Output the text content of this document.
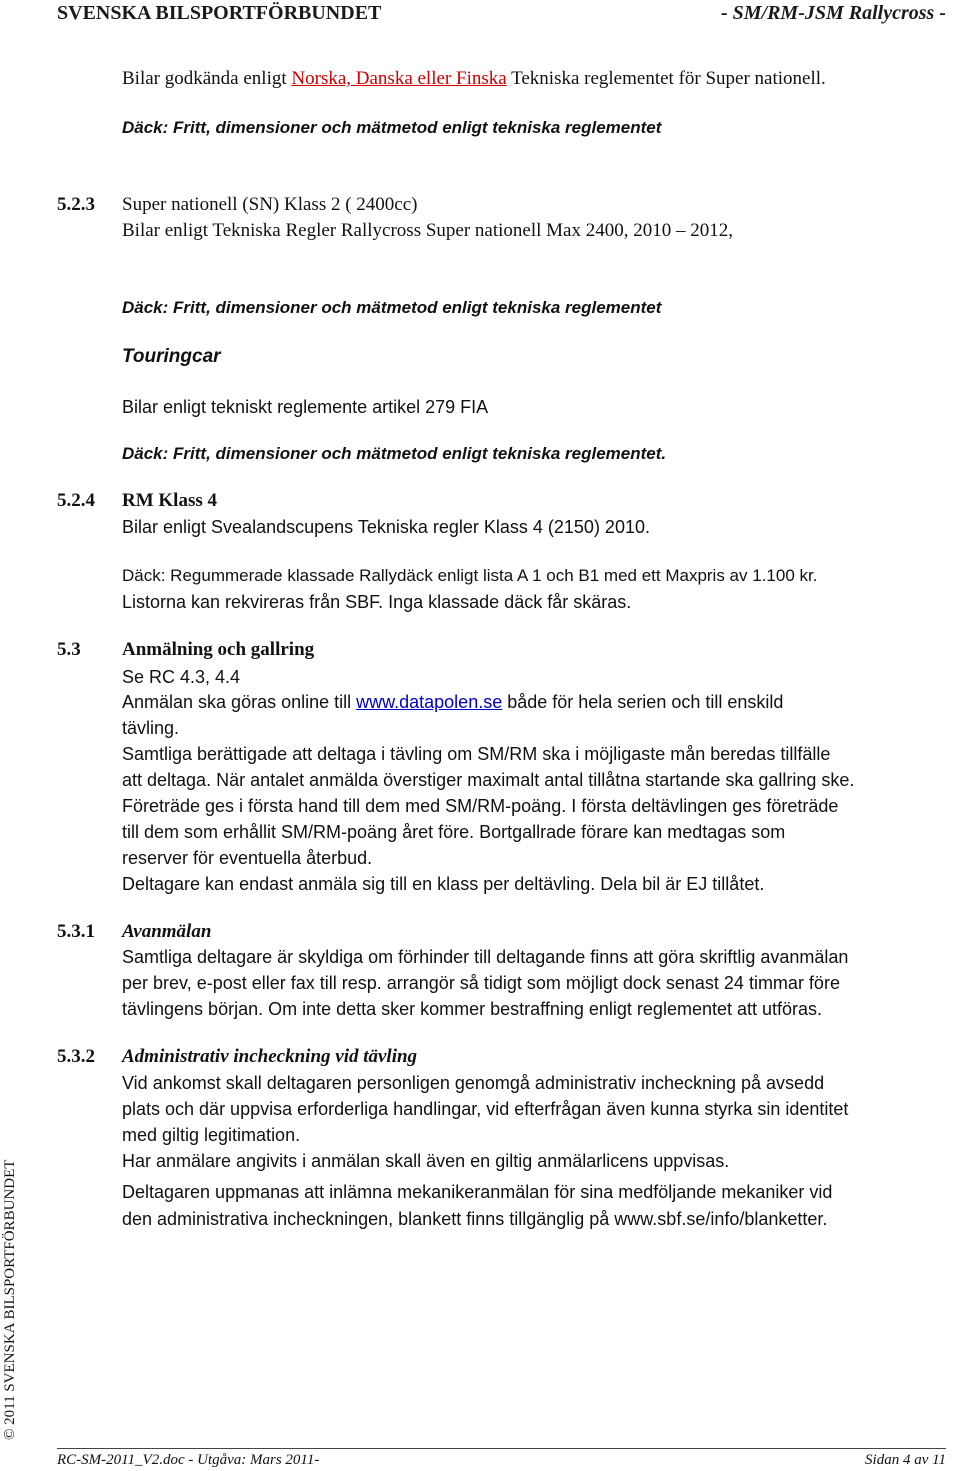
SVENSKA BILSPORTFÖRBUNDET	- SM/RM-JSM Rallycross -
Bilar godkända enligt Norska, Danska eller Finska Tekniska reglementet för Super nationell.
Däck: Fritt, dimensioner och mätmetod enligt tekniska reglementet
5.2.3 Super nationell (SN) Klass 2 ( 2400cc)
Bilar enligt Tekniska Regler Rallycross Super nationell Max 2400, 2010 – 2012,
Däck: Fritt, dimensioner och mätmetod enligt tekniska reglementet
Touringcar
Bilar enligt tekniskt reglemente artikel 279 FIA
Däck: Fritt, dimensioner och mätmetod enligt tekniska reglementet.
5.2.4 RM Klass 4
Bilar enligt Svealandscupens Tekniska regler Klass 4 (2150) 2010.
Däck: Regummerade klassade Rallydäck enligt lista A 1 och B1 med ett Maxpris av 1.100 kr.
Listorna kan rekvireras från SBF. Inga klassade däck får skäras.
5.3 Anmälning och gallring
Se RC 4.3, 4.4
Anmälan ska göras online till www.datapolen.se både för hela serien och till enskild
tävling.
Samtliga berättigade att deltaga i tävling om SM/RM ska i möjligaste mån beredas tillfälle
att deltaga. När antalet anmälda överstiger maximalt antal tillåtna startande ska gallring ske.
Företräde ges i första hand till dem med SM/RM-poäng. I första deltävlingen ges företräde
till dem som erhållit SM/RM-poäng året före. Bortgallrade förare kan medtagas som
reserver för eventuella återbud.
Deltagare kan endast anmäla sig till en klass per deltävling. Dela bil är EJ tillåtet.
5.3.1 Avanmälan
Samtliga deltagare är skyldiga om förhinder till deltagande finns att göra skriftlig avanmälan
per brev, e-post eller fax till resp. arrangör så tidigt som möjligt dock senast 24 timmar före
tävlingens början. Om inte detta sker kommer bestraffning enligt reglementet att utföras.
5.3.2 Administrativ incheckning vid tävling
Vid ankomst skall deltagaren personligen genomgå administrativ incheckning på avsedd
plats och där uppvisa erforderliga handlingar, vid efterfrågan även kunna styrka sin identitet
med giltig legitimation.
Har anmälare angivits i anmälan skall även en giltig anmälarlicens uppvisas.
Deltagaren uppmanas att inlämna mekanikeranmälan för sina medföljande mekaniker vid
den administrativa incheckningen, blankett finns tillgänglig på www.sbf.se/info/blanketter.
© 2011 SVENSKA BILSPORTFÖRBUNDET
RC-SM-2011_V2.doc - Utgåva: Mars 2011-	Sidan 4 av 11
